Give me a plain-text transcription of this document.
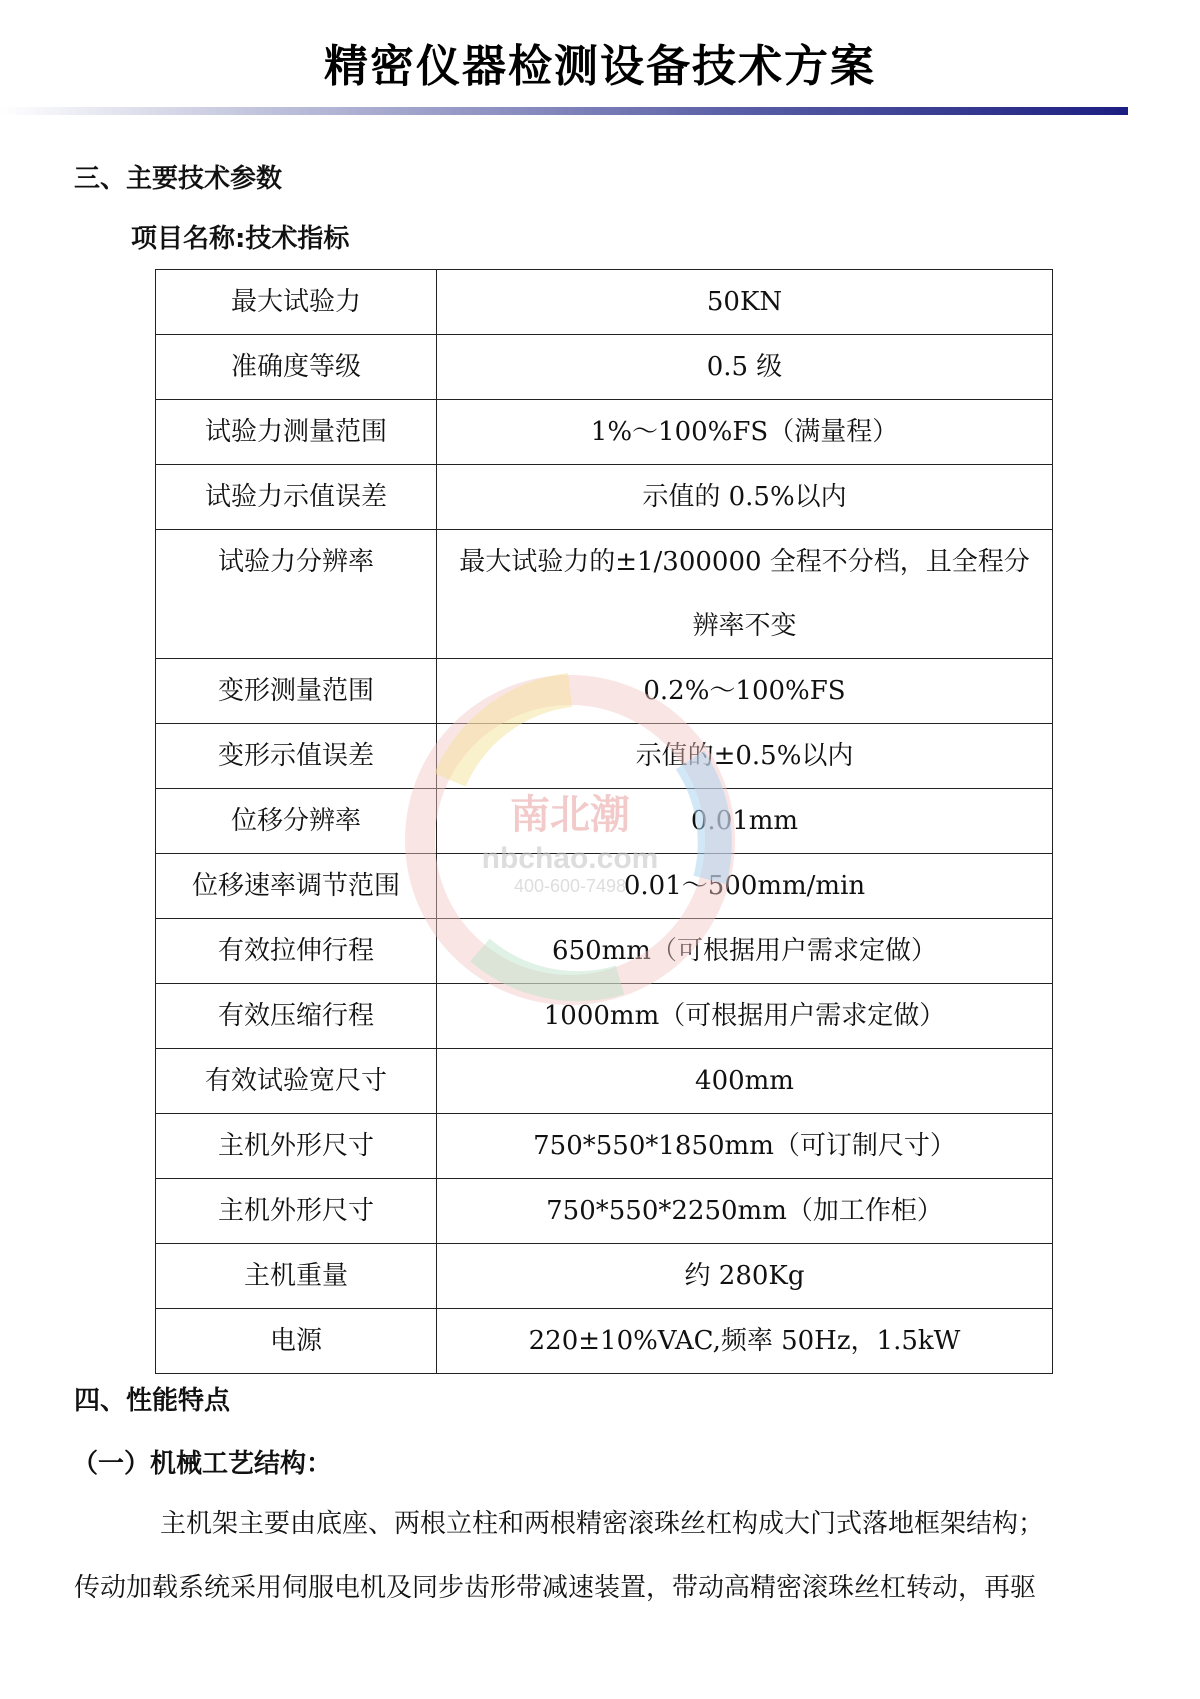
精密仪器检测设备技术方案
三、主要技术参数
项目名称:技术指标
最大试验力	50KN
准确度等级	0.5 级
试验力测量范围	1%～100%FS（满量程）
试验力示值误差	示值的 0.5%以内
试验力分辨率	最大试验力的±1/300000 全程不分档，且全程分辨率不变
变形测量范围	0.2%～100%FS
变形示值误差	示值的±0.5%以内
位移分辨率	0.01mm
位移速率调节范围	0.01～500mm/min
有效拉伸行程	650mm（可根据用户需求定做）
有效压缩行程	1000mm（可根据用户需求定做）
有效试验宽尺寸	400mm
主机外形尺寸	750*550*1850mm（可订制尺寸）
主机外形尺寸	750*550*2250mm（加工作柜）
主机重量	约 280Kg
电源	220±10%VAC,频率 50Hz，1.5kW
南北潮
nbchao.com
400-600-7498
四、性能特点
（一）机械工艺结构：
主机架主要由底座、两根立柱和两根精密滚珠丝杠构成大门式落地框架结构；
传动加载系统采用伺服电机及同步齿形带减速装置，带动高精密滚珠丝杠转动，再驱
